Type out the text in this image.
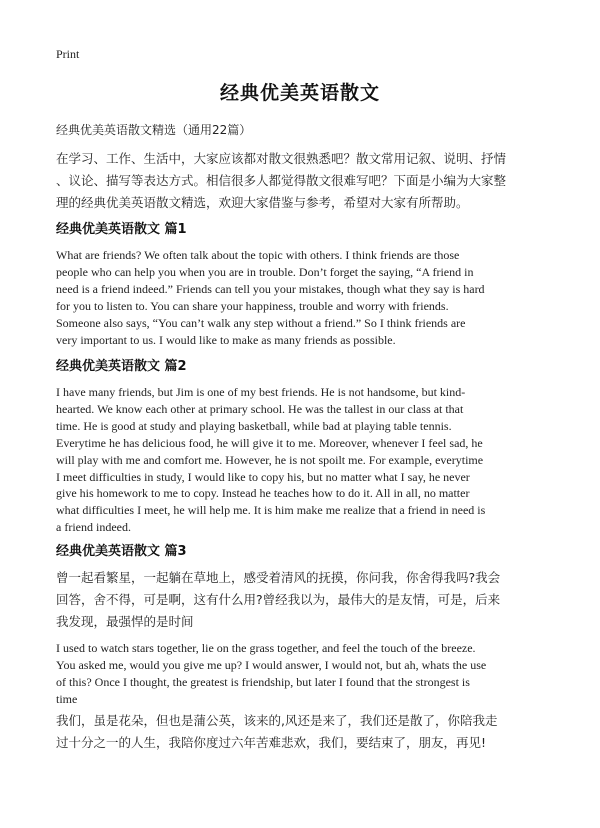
Print
经典优美英语散文
经典优美英语散文精选（通用22篇）
在学习、工作、生活中，大家应该都对散文很熟悉吧？散文常用记叙、说明、抒情
、议论、描写等表达方式。相信很多人都觉得散文很难写吧？下面是小编为大家整
理的经典优美英语散文精选，欢迎大家借鉴与参考，希望对大家有所帮助。
经典优美英语散文 篇1
What are friends? We often talk about the topic with others. I think friends are those
people who can help you when you are in trouble. Don’t forget the saying, “A friend in
need is a friend indeed.” Friends can tell you your mistakes, though what they say is hard
for you to listen to. You can share your happiness, trouble and worry with friends.
Someone also says, “You can’t walk any step without a friend.” So I think friends are
very important to us. I would like to make as many friends as possible.
经典优美英语散文 篇2
I have many friends, but Jim is one of my best friends. He is not handsome, but kind-
hearted. We know each other at primary school. He was the tallest in our class at that
time. He is good at study and playing basketball, while bad at playing table tennis.
Everytime he has delicious food, he will give it to me. Moreover, whenever I feel sad, he
will play with me and comfort me. However, he is not spoilt me. For example, everytime
I meet difficulties in study, I would like to copy his, but no matter what I say, he never
give his homework to me to copy. Instead he teaches how to do it. All in all, no matter
what difficulties I meet, he will help me. It is him make me realize that a friend in need is
a friend indeed.
经典优美英语散文 篇3
曾一起看繁星，一起躺在草地上，感受着清风的抚摸，你问我，你舍得我吗?我会
回答，舍不得，可是啊，这有什么用?曾经我以为，最伟大的是友情，可是，后来
我发现，最强悍的是时间
I used to watch stars together, lie on the grass together, and feel the touch of the breeze.
You asked me, would you give me up? I would answer, I would not, but ah, whats the use
of this? Once I thought, the greatest is friendship, but later I found that the strongest is
time
我们，虽是花朵，但也是蒲公英，该来的,风还是来了，我们还是散了，你陪我走
过十分之一的人生，我陪你度过六年苦难悲欢，我们，要结束了，朋友，再见!
